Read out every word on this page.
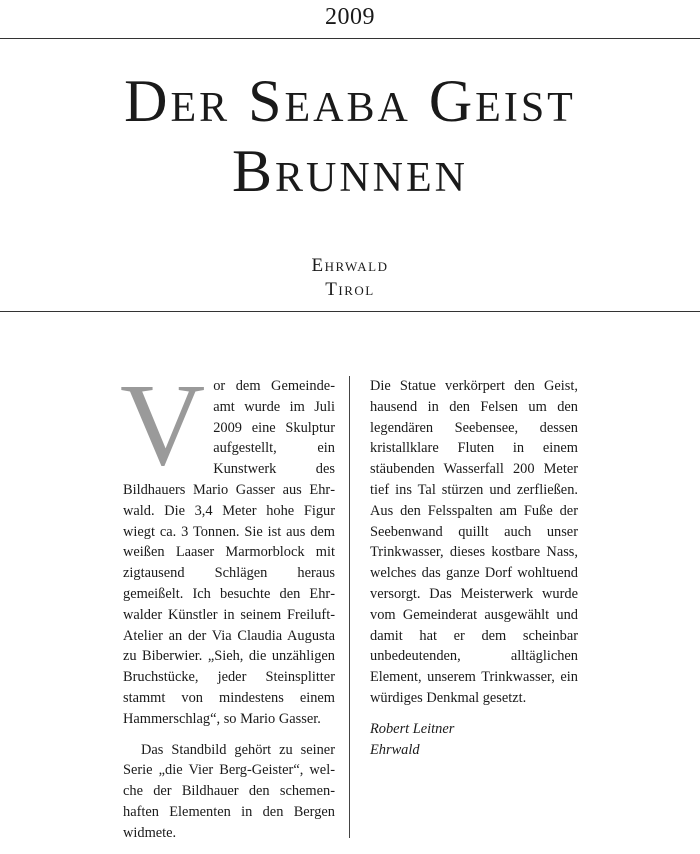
2009
Der Seaba Geist
Brunnen
Ehrwald
Tirol

Vor dem Gemeindeamt wurde im Juli 2009 eine Skulptur aufgestellt, ein Kunstwerk des Bildhauers Mario Gasser aus Ehrwald. Die 3,4 Meter hohe Figur wiegt ca. 3 Tonnen. Sie ist aus dem weißen Laaser Marmorblock mit zigtausend Schlägen heraus gemeißelt. Ich besuchte den Ehrwalder Künstler in seinem Freiluft-Atelier an der Via Claudia Augusta zu Biberwier. „Sieh, die unzähligen Bruchstücke, jeder Steinsplitter stammt von mindestens einem Hammerschlag“, so Mario Gasser.

Das Standbild gehört zu seiner Serie „die Vier Berg-Geister“, welche der Bildhauer den schemenhaften Elementen in den Bergen widmete.

Die Statue verkörpert den Geist, hausend in den Felsen um den legendären Seebensee, dessen kristallklare Fluten in einem stäubenden Wasserfall 200 Meter tief ins Tal stürzen und zerfließen. Aus den Felsspalten am Fuße der Seebenwand quillt auch unser Trinkwasser, dieses kostbare Nass, welches das ganze Dorf wohltuend versorgt. Das Meisterwerk wurde vom Gemeinderat ausgewählt und damit hat er dem scheinbar unbedeutenden, alltäglichen Element, unserem Trinkwasser, ein würdiges Denkmal gesetzt.

Robert Leitner
Ehrwald
